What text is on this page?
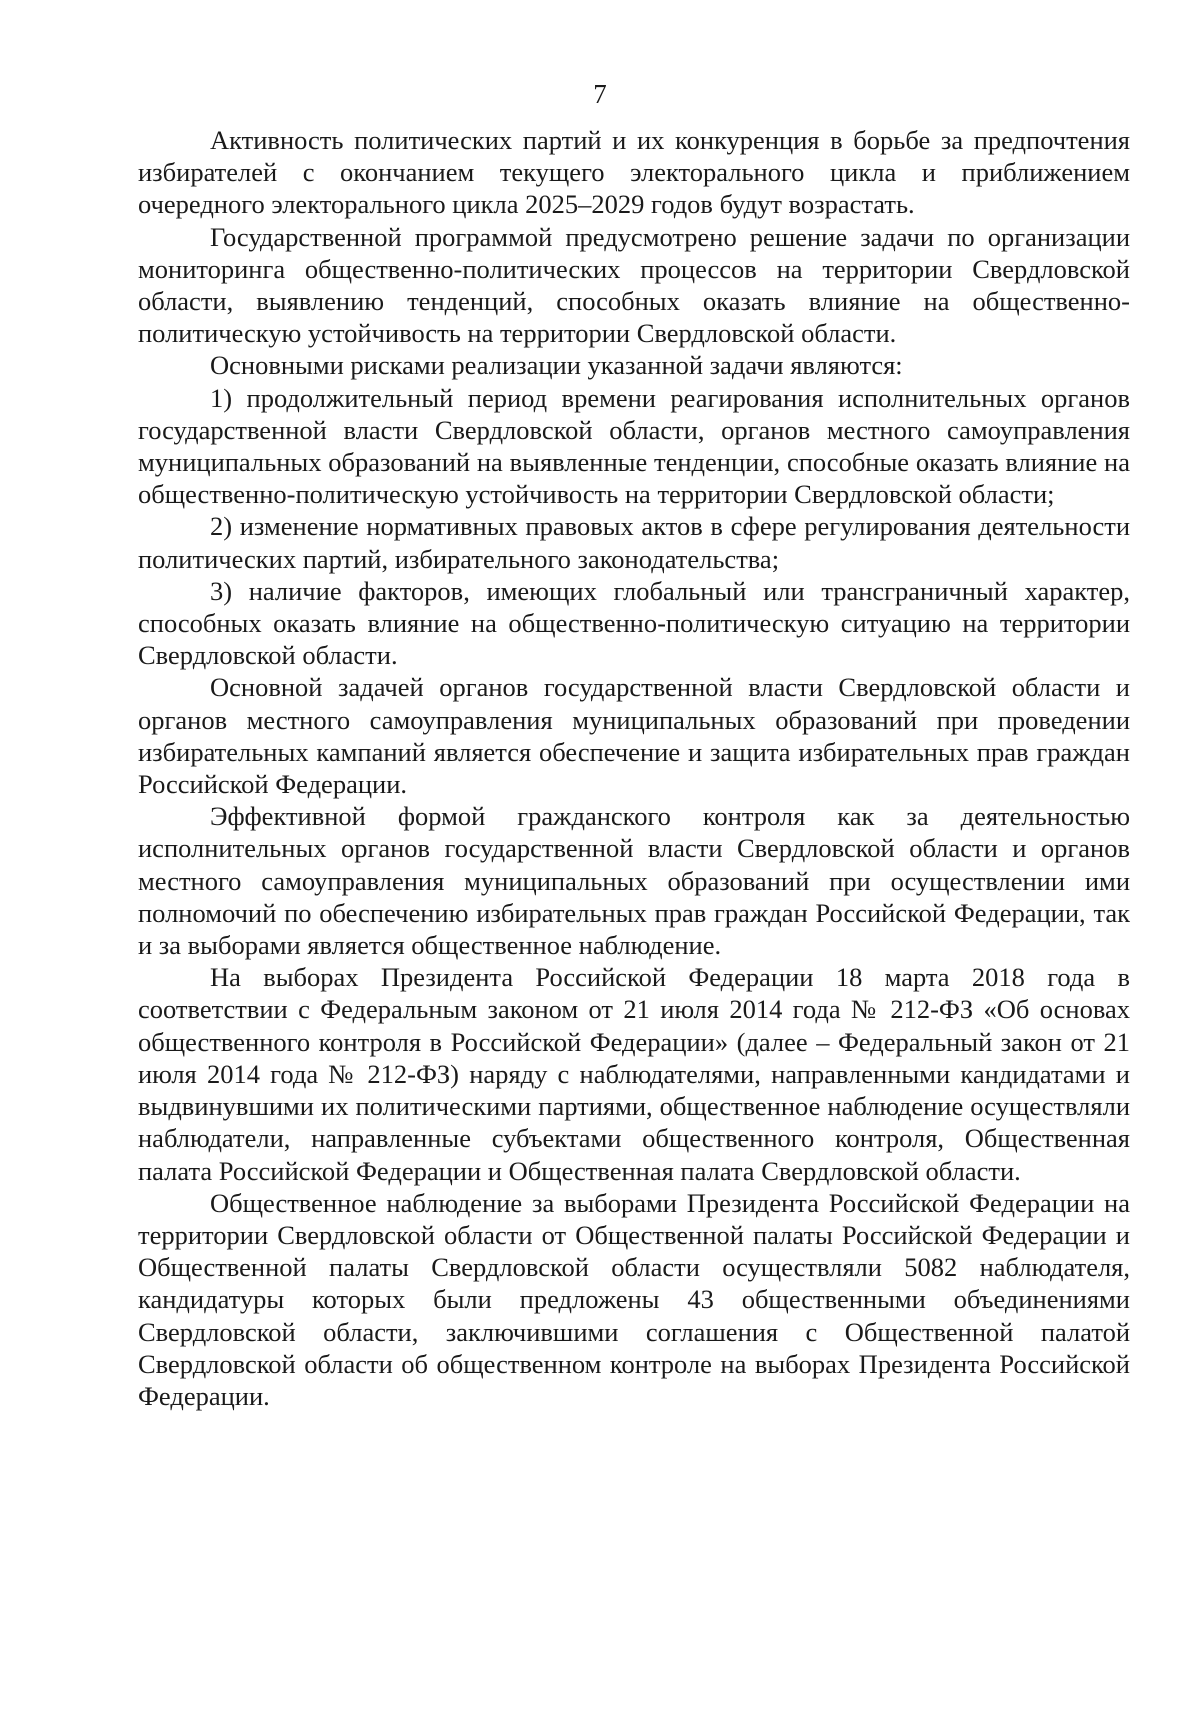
7

Активность политических партий и их конкуренция в борьбе за предпочтения избирателей с окончанием текущего электорального цикла и приближением очередного электорального цикла 2025–2029 годов будут возрастать.

Государственной программой предусмотрено решение задачи по организации мониторинга общественно-политических процессов на территории Свердловской области, выявлению тенденций, способных оказать влияние на общественно-политическую устойчивость на территории Свердловской области.

Основными рисками реализации указанной задачи являются:

1) продолжительный период времени реагирования исполнительных органов государственной власти Свердловской области, органов местного самоуправления муниципальных образований на выявленные тенденции, способные оказать влияние на общественно-политическую устойчивость на территории Свердловской области;

2) изменение нормативных правовых актов в сфере регулирования деятельности политических партий, избирательного законодательства;

3) наличие факторов, имеющих глобальный или трансграничный характер, способных оказать влияние на общественно-политическую ситуацию на территории Свердловской области.

Основной задачей органов государственной власти Свердловской области и органов местного самоуправления муниципальных образований при проведении избирательных кампаний является обеспечение и защита избирательных прав граждан Российской Федерации.

Эффективной формой гражданского контроля как за деятельностью исполнительных органов государственной власти Свердловской области и органов местного самоуправления муниципальных образований при осуществлении ими полномочий по обеспечению избирательных прав граждан Российской Федерации, так и за выборами является общественное наблюдение.

На выборах Президента Российской Федерации 18 марта 2018 года в соответствии с Федеральным законом от 21 июля 2014 года № 212-ФЗ «Об основах общественного контроля в Российской Федерации» (далее – Федеральный закон от 21 июля 2014 года № 212-ФЗ) наряду с наблюдателями, направленными кандидатами и выдвинувшими их политическими партиями, общественное наблюдение осуществляли наблюдатели, направленные субъектами общественного контроля, Общественная палата Российской Федерации и Общественная палата Свердловской области.

Общественное наблюдение за выборами Президента Российской Федерации на территории Свердловской области от Общественной палаты Российской Федерации и Общественной палаты Свердловской области осуществляли 5082 наблюдателя, кандидатуры которых были предложены 43 общественными объединениями Свердловской области, заключившими соглашения с Общественной палатой Свердловской области об общественном контроле на выборах Президента Российской Федерации.
